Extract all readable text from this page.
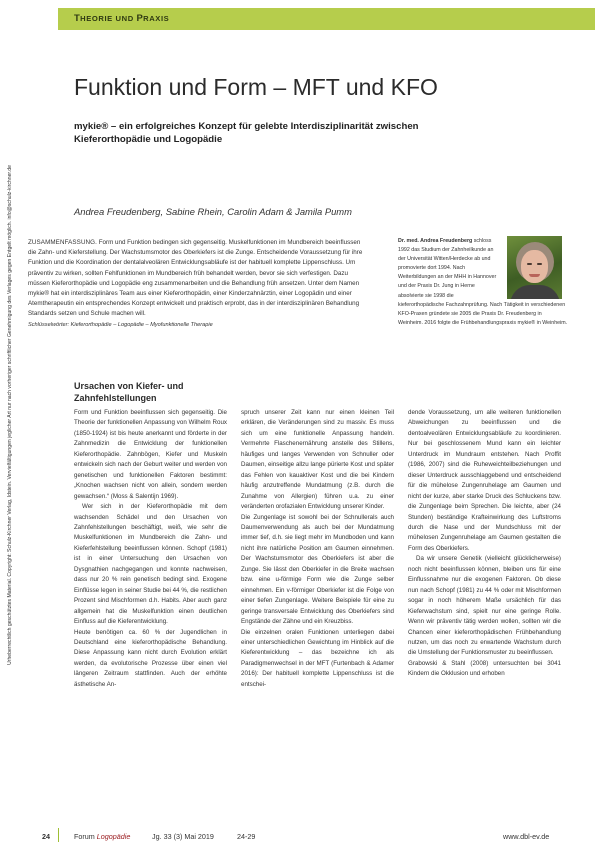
THEORIE UND PRAXIS
Urheberrechtlich geschütztes Material. Copyright: Schulz-Kirchner Verlag, Idstein. Vervielfältigungen jeglicher Art nur nach vorheriger schriftlicher Genehmigung des Verlages gegen Entgelt möglich. info@schulz-kirchner.de
Funktion und Form – MFT und KFO
mykie® – ein erfolgreiches Konzept für gelebte Interdisziplinarität zwischen Kieferorthopädie und Logopädie
Andrea Freudenberg, Sabine Rhein, Carolin Adam & Jamila Pumm
ZUSAMMENFASSUNG. Form und Funktion bedingen sich gegenseitig. Muskelfunktionen im Mundbereich beeinflussen die Zahn- und Kieferstellung. Der Wachstumsmotor des Oberkiefers ist die Zunge. Entscheidende Voraussetzung für ihre Funktion und die Koordination der dentalalveolären Entwicklungsabläufe ist der habituell komplette Lippenschluss. Um präventiv zu wirken, sollten Fehlfunktionen im Mundbereich früh behandelt werden, bevor sie sich verfestigen. Dazu müssen Kieferorthopädie und Logopädie eng zusammenarbeiten und die Behandlung früh ansetzen. Unter dem Namen mykie® hat ein interdisziplinäres Team aus einer Kieferorthopädin, einer Kinderzahnärztin, einer Logopädin und einer Atemtherapeutin ein entsprechendes Konzept entwickelt und praktisch erprobt, das in der interdisziplinären Behandlung Standards setzen und Schule machen will.
Schlüsselwörter: Kieferorthopädie – Logopädie – Myofunktionelle Therapie
Dr. med. Andrea Freudenberg schloss 1992 das Studium der Zahnheilkunde an der Universität Witten/Herdecke ab und promovierte dort 1994. Nach Weiterbildungen an der MHH in Hannover und der Praxis Dr. Jung in Herne absolvierte sie 1998 die
kieferorthopädische Fachzahnprüfung. Nach Tätigkeit in verschiedenen KFO-Praxen gründete sie 2005 die Praxis Dr. Freudenberg in Weinheim. 2016 folgte die Frühbehandlungspraxis mykie® in Weinheim.
Ursachen von Kiefer- und Zahnfehlstellungen

Form und Funktion beeinflussen sich gegenseitig. Die Theorie der funktionellen Anpassung von Wilhelm Roux (1850-1924) ist bis heute anerkannt und förderte in der Zahnmedizin die Entwicklung der funktionellen Kieferorthopädie. Zahnbögen, Kiefer und Muskeln entwickeln sich nach der Geburt weiter und werden von genetischen und funktionellen Faktoren bestimmt: „Knochen wachsen nicht von allein, sondern werden gewachsen.“ (Moss & Salentijn 1969).

Wer sich in der Kieferorthopädie mit dem wachsenden Schädel und den Ursachen von Zahnfehlstellungen beschäftigt, weiß, wie sehr die Muskelfunktionen im Mundbereich die Zahn- und Kieferfehlstellung beeinflussen können. Schopf (1981) ist in einer Untersuchung den Ursachen von Dysgnathien nachgegangen und konnte nachweisen, dass nur 20 % rein genetisch bedingt sind. Exogene Einflüsse legen in seiner Studie bei 44 %, die restlichen Prozent sind Mischformen d.h. Habits. Aber auch ganz allgemein hat die Muskelfunktion einen deutlichen Einfluss auf die Kieferentwicklung.

Heute benötigen ca. 60 % der Jugendlichen in Deutschland eine kieferorthopädische Behandlung. Diese Anpassung kann nicht durch Evolution erklärt werden, da evolutorische Prozesse über einen viel längeren Zeitraum stattfinden. Auch der erhöhte ästhetische An-

spruch unserer Zeit kann nur einen kleinen Teil erklären, die Veränderungen sind zu massiv. Es muss sich um eine funktionelle Anpassung handeln. Vermehrte Flaschenernährung anstelle des Stillens, häufiges und langes Verwenden von Schnuller oder Daumen, einseitige allzu lange pürierte Kost und später das Fehlen von kauaktiver Kost und die bei Kindern häufig anzutreffende Mundatmung (z.B. durch die Zunahme von Allergien) führen u.a. zu einer veränderten orofazialen Entwicklung unserer Kinder.

Die Zungenlage ist sowohl bei der Schnullerals auch Daumenverwendung als auch bei der Mundatmung immer tief, d.h. sie liegt mehr im Mundboden und kann nicht ihre natürliche Position am Gaumen einnehmen. Der Wachstumsmotor des Oberkiefers ist aber die Zunge. Sie lässt den Oberkiefer in die Breite wachsen bzw. eine u-förmige Form wie die Zunge selber einnehmen. Ein v-förmiger Oberkiefer ist die Folge von einer tiefen Zungenlage. Weitere Beispiele für eine zu geringe transversale Entwicklung des Oberkiefers sind Engstände der Zähne und ein Kreuzbiss.

Die einzelnen oralen Funktionen unterliegen dabei einer unterschiedlichen Gewichtung im Hinblick auf die Kieferentwicklung – das bezeichne ich als Paradigmenwechsel in der MFT (Furtenbach & Adamer 2016): Der habituell komplette Lippenschluss ist die entschei-

dende Voraussetzung, um alle weiteren funktionellen Abweichungen zu beeinflussen und die dentoalveolären Entwicklungsabläufe zu koordinieren. Nur bei geschlossenem Mund kann ein leichter Unterdruck im Mundraum entstehen. Nach Proffit (1986, 2007) sind die Ruheweichteilbeziehungen und dieser Unterdruck ausschlaggebend und entscheidend für die mühelose Zungenruhelage am Gaumen und nicht der kurze, aber starke Druck des Schluckens bzw. die Zungenlage beim Sprechen. Die leichte, aber (24 Stunden) beständige Krafteinwirkung des Luftstroms durch die Nase und der Mundschluss mit der mühelosen Zungenruhelage am Gaumen gestalten die Form des Oberkiefers.

Da wir unsere Genetik (vielleicht glücklicherweise) noch nicht beeinflussen können, bleiben uns für eine Einflussnahme nur die exogenen Faktoren. Ob diese nun nach Schopf (1981) zu 44 % oder mit Mischformen sogar in noch höherem Maße ursächlich für das Kieferwachstum sind, spielt nur eine geringe Rolle. Wenn wir präventiv tätig werden wollen, sollten wir die Chancen einer kieferorthopädischen Frühbehandlung nutzen, um das noch zu erwartende Wachstum durch die Umstellung der Funktionsmuster zu beeinflussen.

Grabowski & Stahl (2008) untersuchten bei 3041 Kindern die Okklusion und erhoben

24	Forum Logopädie	Jg. 33 (3) Mai 2019	24-29	www.dbl-ev.de
